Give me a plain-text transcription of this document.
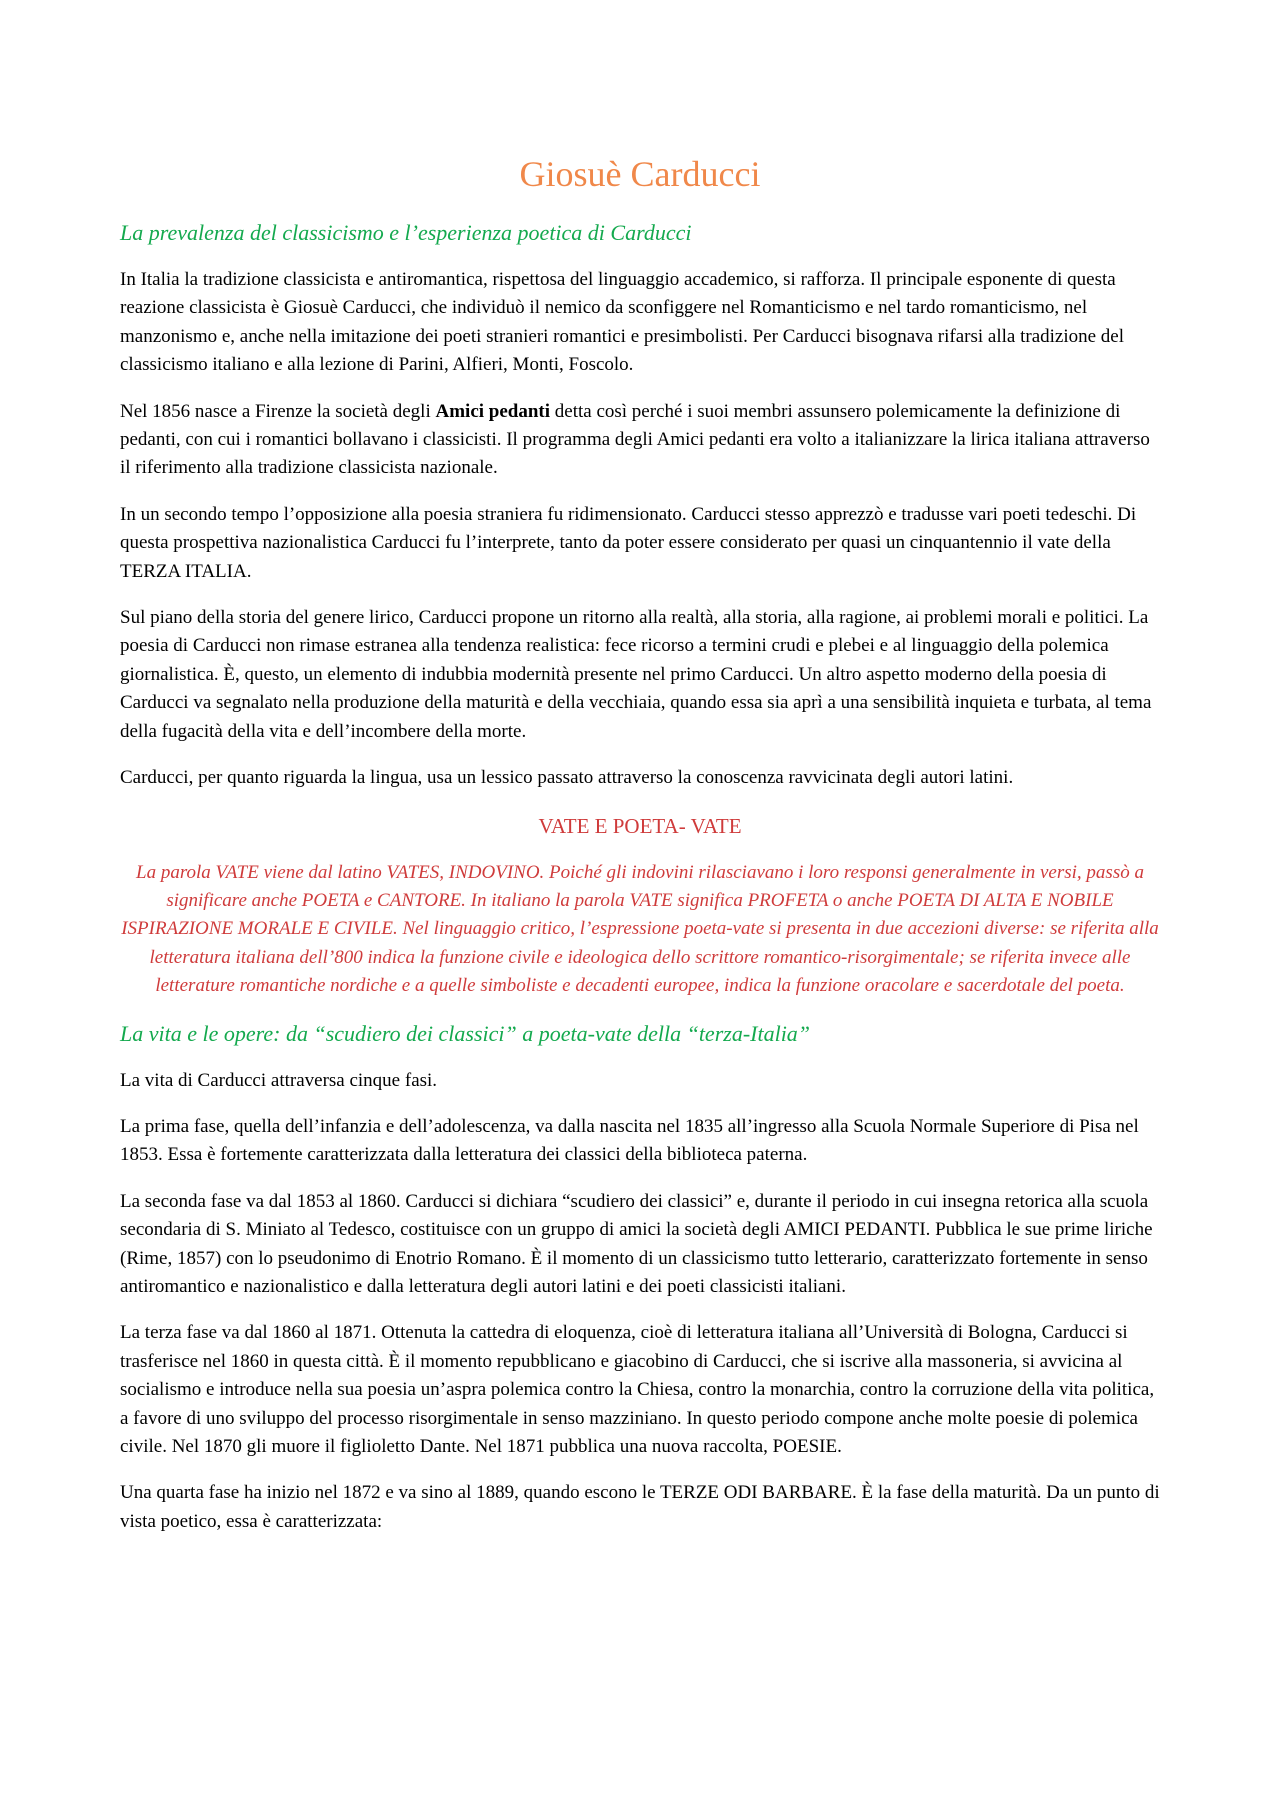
Giosuè Carducci
La prevalenza del classicismo e l’esperienza poetica di Carducci

In Italia la tradizione classicista e antiromantica, rispettosa del linguaggio accademico, si rafforza. Il principale esponente di questa reazione classicista è Giosuè Carducci, che individuò il nemico da sconfiggere nel Romanticismo e nel tardo romanticismo, nel manzonismo e, anche nella imitazione dei poeti stranieri romantici e presimbolisti. Per Carducci bisognava rifarsi alla tradizione del classicismo italiano e alla lezione di Parini, Alfieri, Monti, Foscolo.

Nel 1856 nasce a Firenze la società degli Amici pedanti detta così perché i suoi membri assunsero polemicamente la definizione di pedanti, con cui i romantici bollavano i classicisti. Il programma degli Amici pedanti era volto a italianizzare la lirica italiana attraverso il riferimento alla tradizione classicista nazionale.

In un secondo tempo l’opposizione alla poesia straniera fu ridimensionato. Carducci stesso apprezzò e tradusse vari poeti tedeschi. Di questa prospettiva nazionalistica Carducci fu l’interprete, tanto da poter essere considerato per quasi un cinquantennio il vate della TERZA ITALIA.

Sul piano della storia del genere lirico, Carducci propone un ritorno alla realtà, alla storia, alla ragione, ai problemi morali e politici. La poesia di Carducci non rimase estranea alla tendenza realistica: fece ricorso a termini crudi e plebei e al linguaggio della polemica giornalistica. È, questo, un elemento di indubbia modernità presente nel primo Carducci. Un altro aspetto moderno della poesia di Carducci va segnalato nella produzione della maturità e della vecchiaia, quando essa sia aprì a una sensibilità inquieta e turbata, al tema della fugacità della vita e dell’incombere della morte.

Carducci, per quanto riguarda la lingua, usa un lessico passato attraverso la conoscenza ravvicinata degli autori latini.

VATE E POETA- VATE

La parola VATE viene dal latino VATES, INDOVINO. Poiché gli indovini rilasciavano i loro responsi generalmente in versi, passò a significare anche POETA e CANTORE. In italiano la parola VATE significa PROFETA o anche POETA DI ALTA E NOBILE ISPIRAZIONE MORALE E CIVILE. Nel linguaggio critico, l’espressione poeta-vate si presenta in due accezioni diverse: se riferita alla letteratura italiana dell’800 indica la funzione civile e ideologica dello scrittore romantico-risorgimentale; se riferita invece alle letterature romantiche nordiche e a quelle simboliste e decadenti europee, indica la funzione oracolare e sacerdotale del poeta.

La vita e le opere: da “scudiero dei classici” a poeta-vate della “terza-Italia”

La vita di Carducci attraversa cinque fasi.

La prima fase, quella dell’infanzia e dell’adolescenza, va dalla nascita nel 1835 all’ingresso alla Scuola Normale Superiore di Pisa nel 1853. Essa è fortemente caratterizzata dalla letteratura dei classici della biblioteca paterna.

La seconda fase va dal 1853 al 1860. Carducci si dichiara “scudiero dei classici” e, durante il periodo in cui insegna retorica alla scuola secondaria di S. Miniato al Tedesco, costituisce con un gruppo di amici la società degli AMICI PEDANTI. Pubblica le sue prime liriche (Rime, 1857) con lo pseudonimo di Enotrio Romano. È il momento di un classicismo tutto letterario, caratterizzato fortemente in senso antiromantico e nazionalistico e dalla letteratura degli autori latini e dei poeti classicisti italiani.

La terza fase va dal 1860 al 1871. Ottenuta la cattedra di eloquenza, cioè di letteratura italiana all’Università di Bologna, Carducci si trasferisce nel 1860 in questa città. È il momento repubblicano e giacobino di Carducci, che si iscrive alla massoneria, si avvicina al socialismo e introduce nella sua poesia un’aspra polemica contro la Chiesa, contro la monarchia, contro la corruzione della vita politica, a favore di uno sviluppo del processo risorgimentale in senso mazziniano. In questo periodo compone anche molte poesie di polemica civile. Nel 1870 gli muore il figlioletto Dante. Nel 1871 pubblica una nuova raccolta, POESIE.

Una quarta fase ha inizio nel 1872 e va sino al 1889, quando escono le TERZE ODI BARBARE. È la fase della maturità. Da un punto di vista poetico, essa è caratterizzata:
